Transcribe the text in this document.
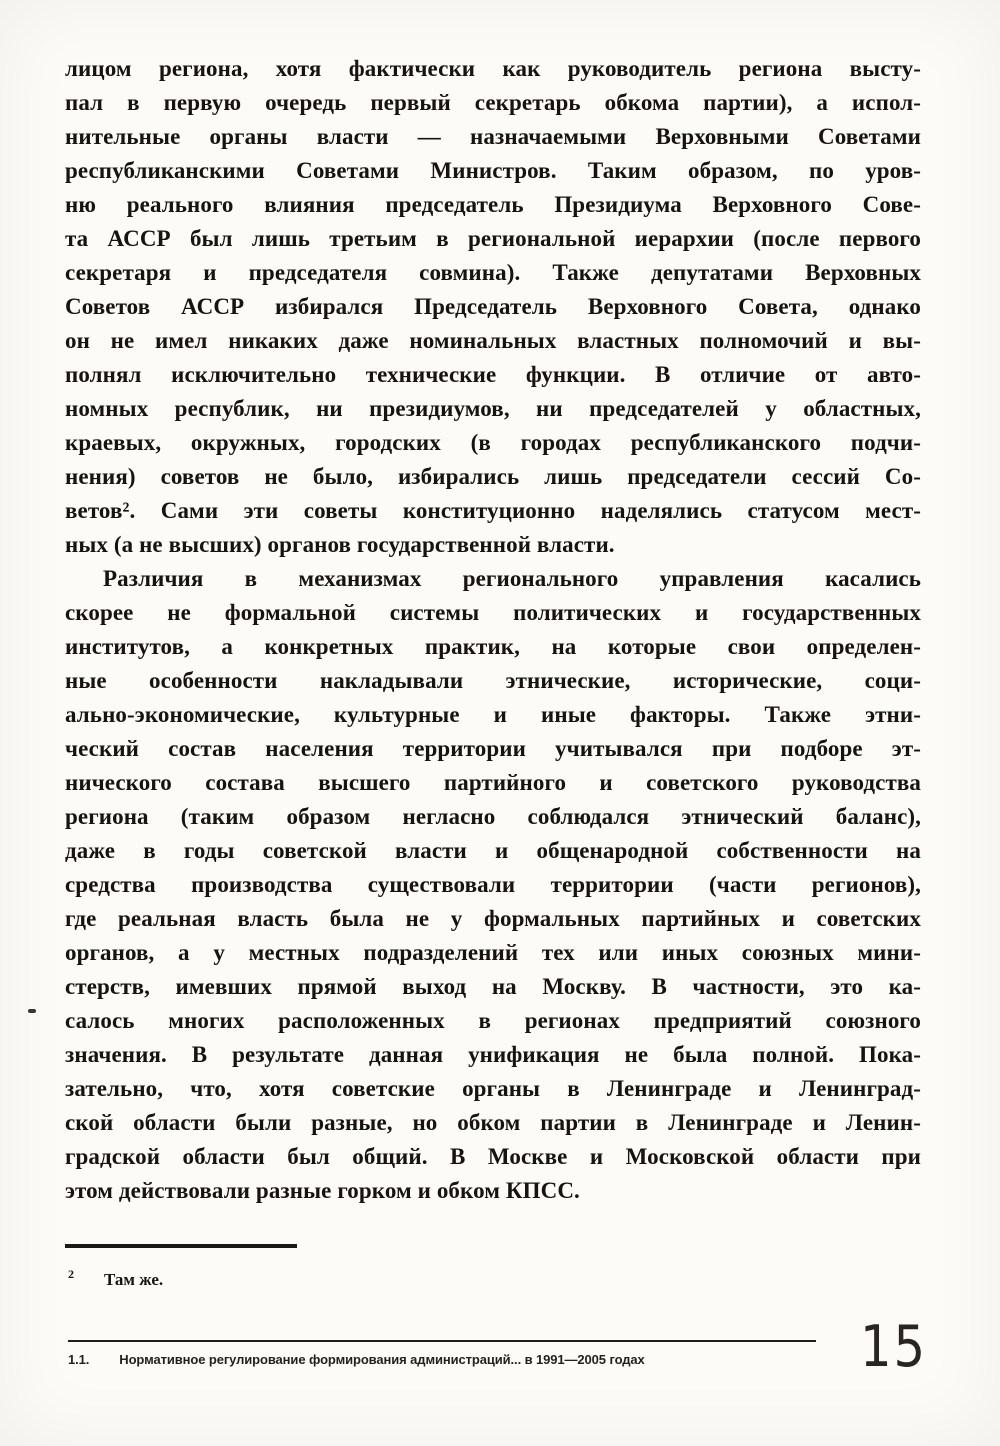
лицом региона, хотя фактически как руководитель региона высту-
пал в первую очередь первый секретарь обкома партии), а испол-
нительные органы власти — назначаемыми Верховными Советами
республиканскими Советами Министров. Таким образом, по уров-
ню реального влияния председатель Президиума Верховного Сове-
та АССР был лишь третьим в региональной иерархии (после первого
секретаря и председателя совмина). Также депутатами Верховных
Советов АССР избирался Председатель Верховного Совета, однако
он не имел никаких даже номинальных властных полномочий и вы-
полнял исключительно технические функции. В отличие от авто-
номных республик, ни президиумов, ни председателей у областных,
краевых, окружных, городских (в городах республиканского подчи-
нения) советов не было, избирались лишь председатели сессий Со-
ветов². Сами эти советы конституционно наделялись статусом мест-
ных (а не высших) органов государственной власти.
Различия в механизмах регионального управления касались
скорее не формальной системы политических и государственных
институтов, а конкретных практик, на которые свои определен-
ные особенности накладывали этнические, исторические, соци-
ально-экономические, культурные и иные факторы. Также этни-
ческий состав населения территории учитывался при подборе эт-
нического состава высшего партийного и советского руководства
региона (таким образом негласно соблюдался этнический баланс),
даже в годы советской власти и общенародной собственности на
средства производства существовали территории (части регионов),
где реальная власть была не у формальных партийных и советских
органов, а у местных подразделений тех или иных союзных мини-
стерств, имевших прямой выход на Москву. В частности, это ка-
салось многих расположенных в регионах предприятий союзного
значения. В результате данная унификация не была полной. Пока-
зательно, что, хотя советские органы в Ленинграде и Ленинград-
ской области были разные, но обком партии в Ленинграде и Ленин-
градской области был общий. В Москве и Московской области при
этом действовали разные горком и обком КПСС.
2 Там же.
1.1. Нормативное регулирование формирования администраций... в 1991—2005 годах	15
